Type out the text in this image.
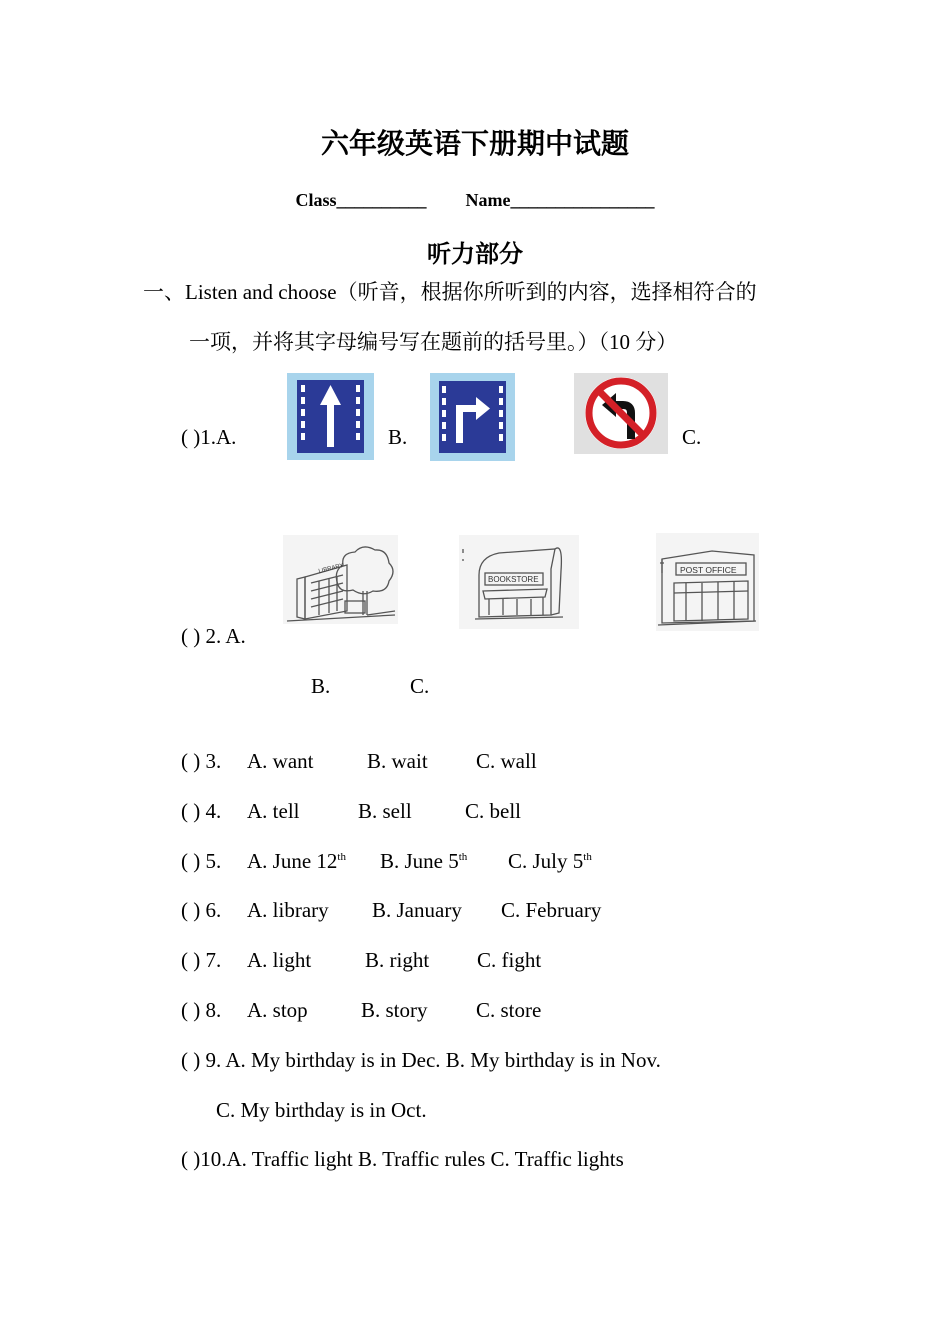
六年级英语下册期中试题
Class__________ Name________________
听力部分
一、Listen and choose（听音，根据你所听到的内容，选择相符合的
一项，并将其字母编号写在题前的括号里。）（10 分）
( )1.A.	B.	C.
LIBRARY
BOOKSTORE
POST OFFICE
( ) 2. A.
B.	C.
( ) 3. A. want	B. wait C. wall
( ) 4. A. tell	B. sell	C. bell
( ) 5. A. June 12th B. June 5th C. July 5th
( ) 6. A. library B. January C. February
( ) 7. A. light	B. right C. fight
( ) 8. A. stop	B. story C. store
( ) 9. A. My birthday is in Dec. B. My birthday is in Nov.
C. My birthday is in Oct.
( )10.A. Traffic light B. Traffic rules C. Traffic lights
